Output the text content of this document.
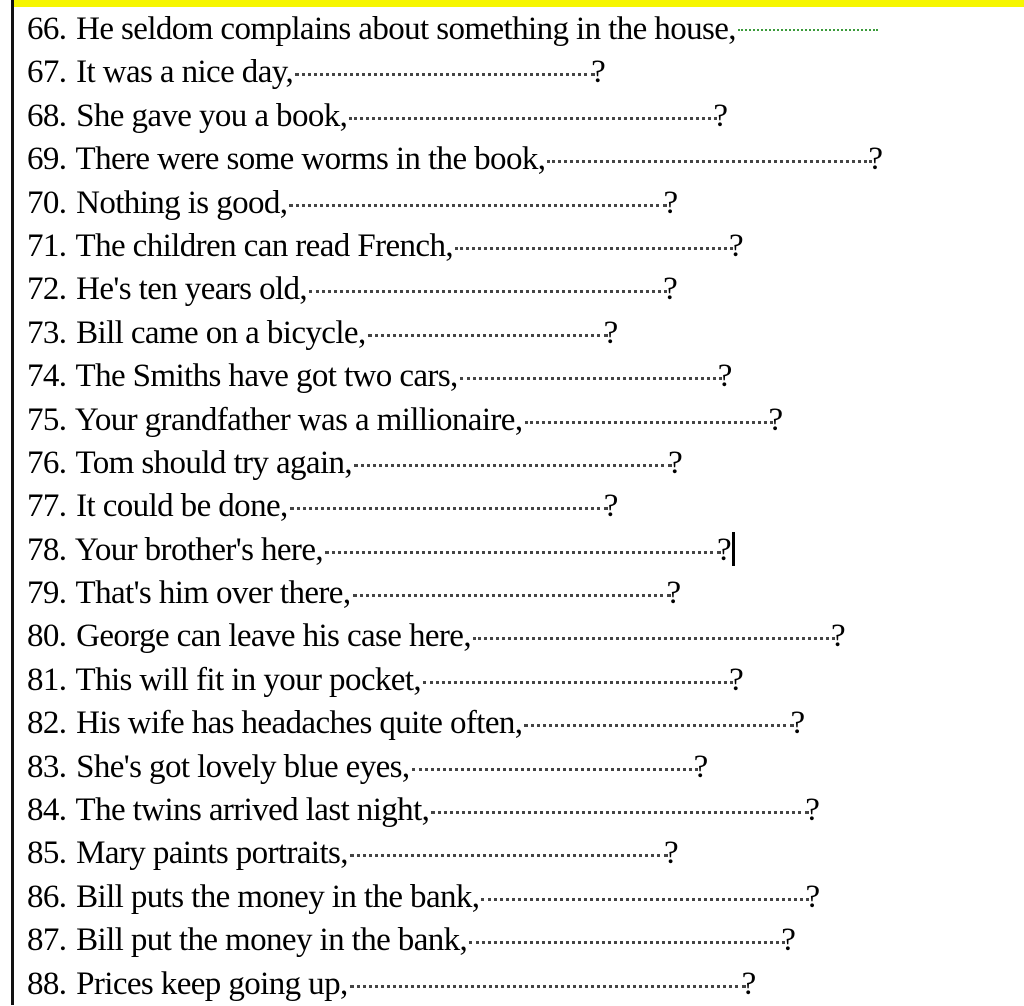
66. He seldom complains about something in the house,
67. It was a nice day,	?
68. She gave you a book,	?
69. There were some worms in the book,	?
70. Nothing is good,	?
71. The children can read French,	?
72. He's ten years old,	?
73. Bill came on a bicycle,	?
74. The Smiths have got two cars,	?
75. Your grandfather was a millionaire,	?
76. Tom should try again,	?
77. It could be done,	?
78. Your brother's here,	?
79. That's him over there,	?
80. George can leave his case here,	?
81. This will fit in your pocket,	?
82. His wife has headaches quite often,	?
83. She's got lovely blue eyes,	?
84. The twins arrived last night,	?
85. Mary paints portraits,	?
86. Bill puts the money in the bank,	?
87. Bill put the money in the bank,	?
88. Prices keep going up,	?
